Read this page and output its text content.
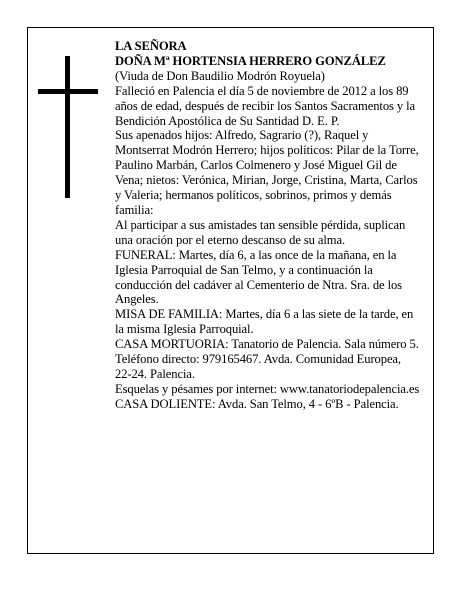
LA SEÑORA

DOÑA Mª HORTENSIA HERRERO GONZÁLEZ

(Viuda de Don Baudilio Modrón Royuela)

Falleció en Palencia el día 5 de noviembre de 2012 a los 89 años de edad, después de recibir los Santos Sacramentos y la Bendición Apostólica de Su Santidad D. E. P.

Sus apenados hijos: Alfredo, Sagrario (?), Raquel y Montserrat Modrón Herrero; hijos políticos: Pilar de la Torre, Paulino Marbán, Carlos Colmenero y José Miguel Gil de Vena; nietos: Verónica, Mirian, Jorge, Cristina, Marta, Carlos y Valeria; hermanos políticos, sobrinos, primos y demás familia:

Al participar a sus amistades tan sensible pérdida, suplican una oración por el eterno descanso de su alma.

FUNERAL: Martes, día 6, a las once de la mañana, en la Iglesia Parroquial de San Telmo, y a continuación la conducción del cadáver al Cementerio de Ntra. Sra. de los Angeles.

MISA DE FAMILIA: Martes, día 6 a las siete de la tarde, en la misma Iglesia Parroquial.

CASA MORTUORIA: Tanatorio de Palencia. Sala número 5. Teléfono directo: 979165467. Avda. Comunidad Europea, 22-24. Palencia.

Esquelas y pésames por internet: www.tanatoriodepalencia.es

CASA DOLIENTE: Avda. San Telmo, 4 - 6ºB - Palencia.
